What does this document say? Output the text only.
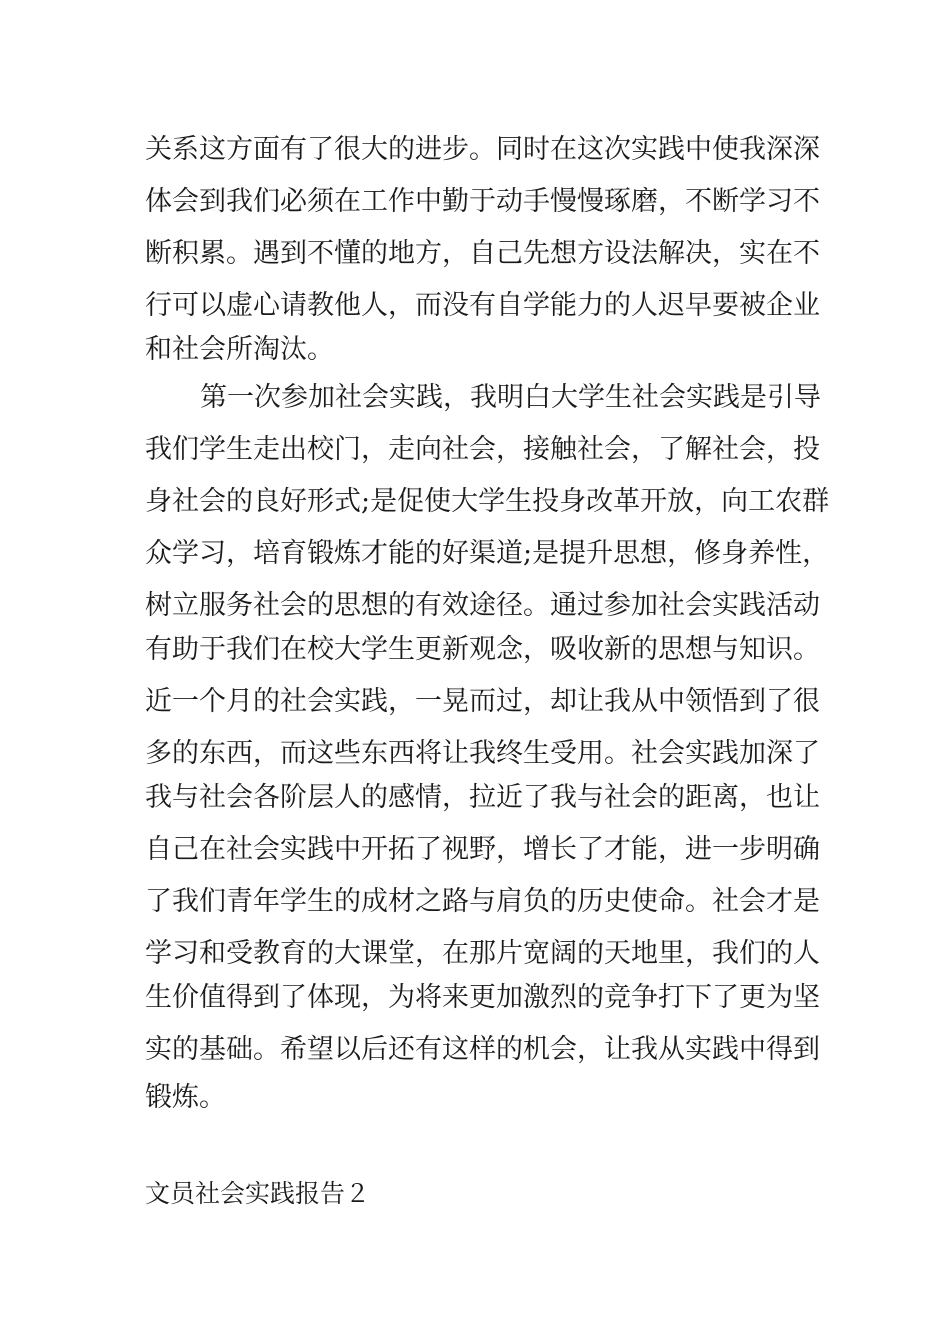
关系这方面有了很大的进步。同时在这次实践中使我深深
体会到我们必须在工作中勤于动手慢慢琢磨，不断学习不
断积累。遇到不懂的地方，自己先想方设法解决，实在不
行可以虚心请教他人，而没有自学能力的人迟早要被企业
和社会所淘汰。
第一次参加社会实践，我明白大学生社会实践是引导
我们学生走出校门，走向社会，接触社会，了解社会，投
身社会的良好形式;是促使大学生投身改革开放，向工农群
众学习，培育锻炼才能的好渠道;是提升思想，修身养性，
树立服务社会的思想的有效途径。通过参加社会实践活动
有助于我们在校大学生更新观念，吸收新的思想与知识。
近一个月的社会实践，一晃而过，却让我从中领悟到了很
多的东西，而这些东西将让我终生受用。社会实践加深了
我与社会各阶层人的感情，拉近了我与社会的距离，也让
自己在社会实践中开拓了视野，增长了才能，进一步明确
了我们青年学生的成材之路与肩负的历史使命。社会才是
学习和受教育的大课堂，在那片宽阔的天地里，我们的人
生价值得到了体现，为将来更加激烈的竞争打下了更为坚
实的基础。希望以后还有这样的机会，让我从实践中得到
锻炼。
文员社会实践报告２
